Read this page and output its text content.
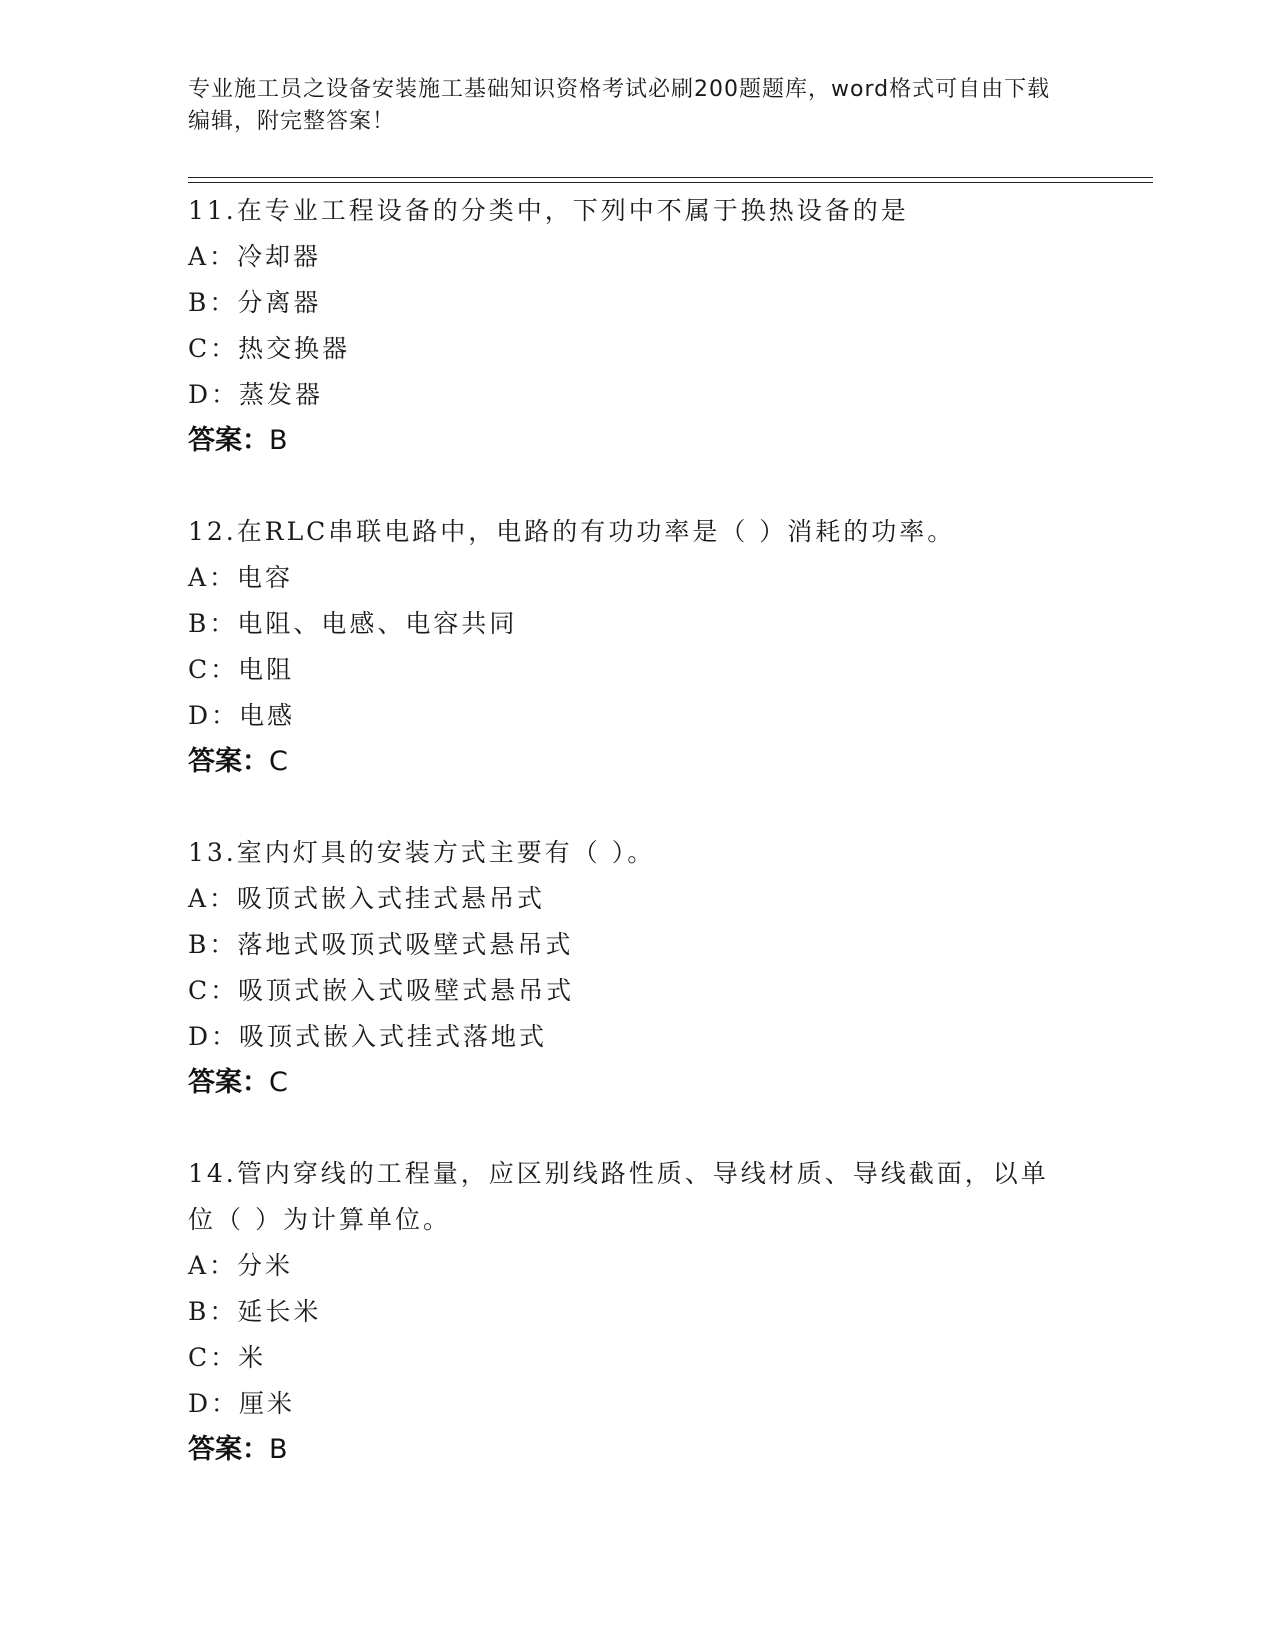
专业施工员之设备安装施工基础知识资格考试必刷200题题库，word格式可自由下载编辑，附完整答案！
11.在专业工程设备的分类中，下列中不属于换热设备的是
A：冷却器
B：分离器
C：热交换器
D：蒸发器
答案：B
12.在RLC串联电路中，电路的有功功率是（ ）消耗的功率。
A：电容
B：电阻、电感、电容共同
C：电阻
D：电感
答案：C
13.室内灯具的安装方式主要有（ ）。
A：吸顶式嵌入式挂式悬吊式
B：落地式吸顶式吸壁式悬吊式
C：吸顶式嵌入式吸壁式悬吊式
D：吸顶式嵌入式挂式落地式
答案：C
14.管内穿线的工程量，应区别线路性质、导线材质、导线截面，以单位（ ）为计算单位。
A：分米
B：延长米
C：米
D：厘米
答案：B
